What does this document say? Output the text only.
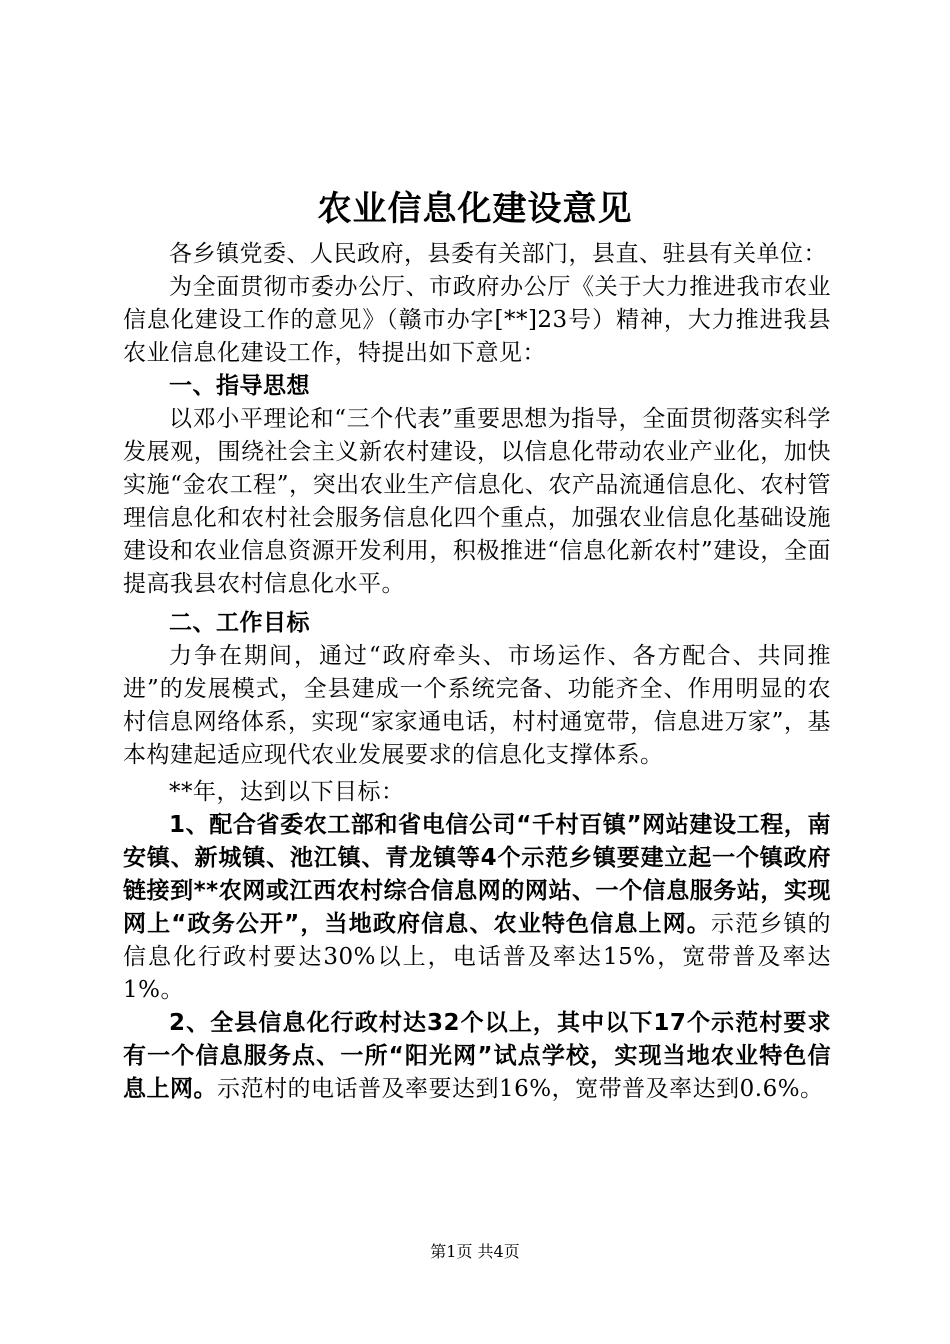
农业信息化建设意见

各乡镇党委、人民政府，县委有关部门，县直、驻县有关单位：

为全面贯彻市委办公厅、市政府办公厅《关于大力推进我市农业信息化建设工作的意见》（赣市办字[**]23号）精神，大力推进我县农业信息化建设工作，特提出如下意见：

一、指导思想

以邓小平理论和“三个代表”重要思想为指导，全面贯彻落实科学发展观，围绕社会主义新农村建设，以信息化带动农业产业化，加快实施“金农工程”，突出农业生产信息化、农产品流通信息化、农村管理信息化和农村社会服务信息化四个重点，加强农业信息化基础设施建设和农业信息资源开发利用，积极推进“信息化新农村”建设，全面提高我县农村信息化水平。

二、工作目标

力争在期间，通过“政府牵头、市场运作、各方配合、共同推进”的发展模式，全县建成一个系统完备、功能齐全、作用明显的农村信息网络体系，实现“家家通电话，村村通宽带，信息进万家”，基本构建起适应现代农业发展要求的信息化支撑体系。

**年，达到以下目标：

1、配合省委农工部和省电信公司“千村百镇”网站建设工程，南安镇、新城镇、池江镇、青龙镇等4个示范乡镇要建立起一个镇政府链接到**农网或江西农村综合信息网的网站、一个信息服务站，实现网上“政务公开”，当地政府信息、农业特色信息上网。示范乡镇的信息化行政村要达30%以上，电话普及率达15%，宽带普及率达1%。

2、全县信息化行政村达32个以上，其中以下17个示范村要求有一个信息服务点、一所“阳光网”试点学校，实现当地农业特色信息上网。示范村的电话普及率要达到16%，宽带普及率达到0.6%。

第1页 共4页
